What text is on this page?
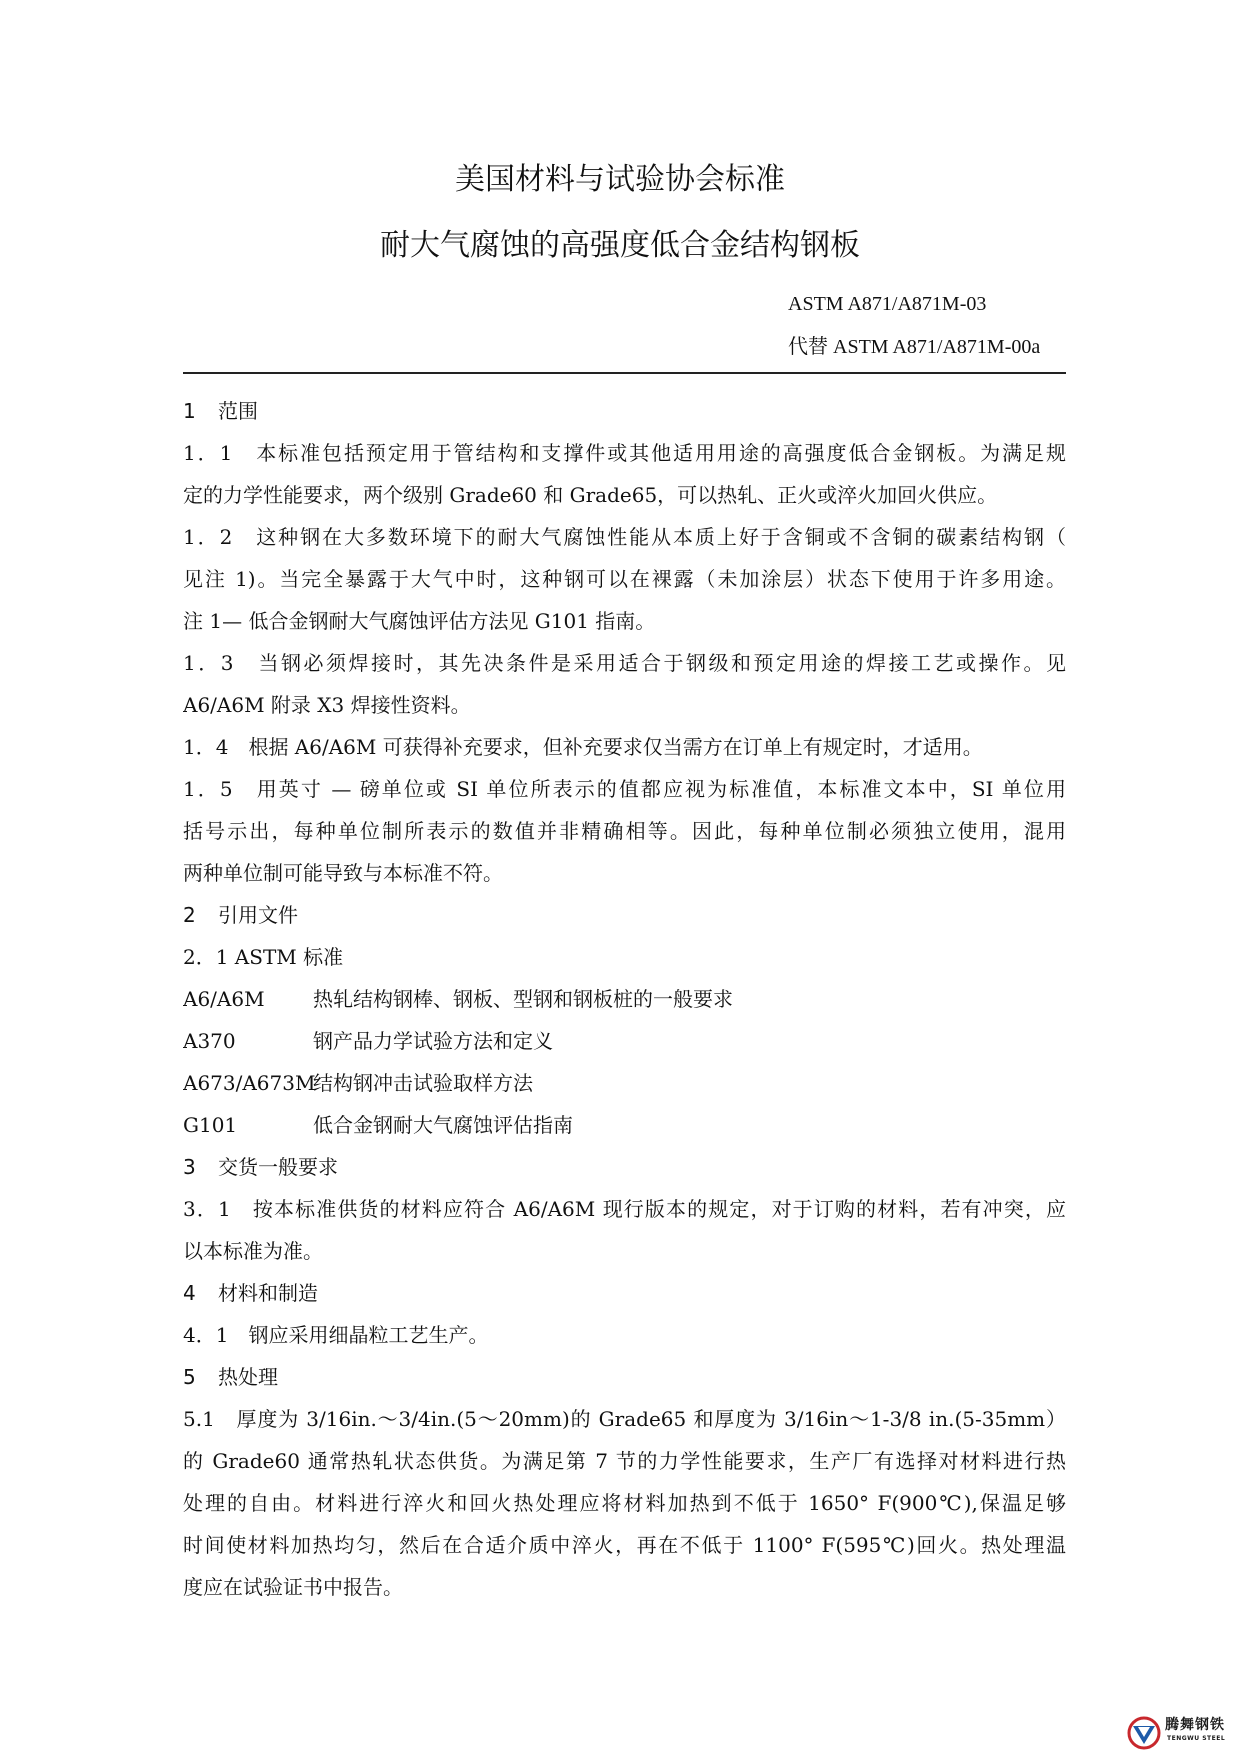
美国材料与试验协会标准
耐大气腐蚀的高强度低合金结构钢板
ASTM A871/A871M-03
代替 ASTM A871/A871M-00a
1 范围
1．1　本标准包括预定用于管结构和支撑件或其他适用用途的高强度低合金钢板。为满足规
定的力学性能要求，两个级别 Grade60 和 Grade65，可以热轧、正火或淬火加回火供应。
1．2　这种钢在大多数环境下的耐大气腐蚀性能从本质上好于含铜或不含铜的碳素结构钢（
见注 1)。当完全暴露于大气中时，这种钢可以在裸露（未加涂层）状态下使用于许多用途。
注 1— 低合金钢耐大气腐蚀评估方法见 G101 指南。
1．3　当钢必须焊接时，其先决条件是采用适合于钢级和预定用途的焊接工艺或操作。见
A6/A6M 附录 X3 焊接性资料。
1．4　根据 A6/A6M 可获得补充要求，但补充要求仅当需方在订单上有规定时，才适用。
1．5　用英寸 — 磅单位或 SI 单位所表示的值都应视为标准值，本标准文本中，SI 单位用
括号示出，每种单位制所表示的数值并非精确相等。因此，每种单位制必须独立使用，混用
两种单位制可能导致与本标准不符。
2 引用文件
2．1 ASTM 标准
A6/A6M 热轧结构钢棒、钢板、型钢和钢板桩的一般要求
A370	钢产品力学试验方法和定义
A673/A673M结构钢冲击试验取样方法
G101	低合金钢耐大气腐蚀评估指南
3 交货一般要求
3．1　按本标准供货的材料应符合 A6/A6M 现行版本的规定，对于订购的材料，若有冲突，应
以本标准为准。
4 材料和制造
4．1　钢应采用细晶粒工艺生产。
5 热处理
5.1　厚度为 3/16in.～3/4in.(5～20mm)的 Grade65 和厚度为 3/16in～1-3/8 in.(5-35mm）
的 Grade60 通常热轧状态供货。为满足第 7 节的力学性能要求，生产厂有选择对材料进行热
处理的自由。材料进行淬火和回火热处理应将材料加热到不低于 1650° F(900℃),保温足够
时间使材料加热均匀，然后在合适介质中淬火，再在不低于 1100° F(595℃)回火。热处理温
度应在试验证书中报告。
腾舞钢铁
TENGWU STEEL
